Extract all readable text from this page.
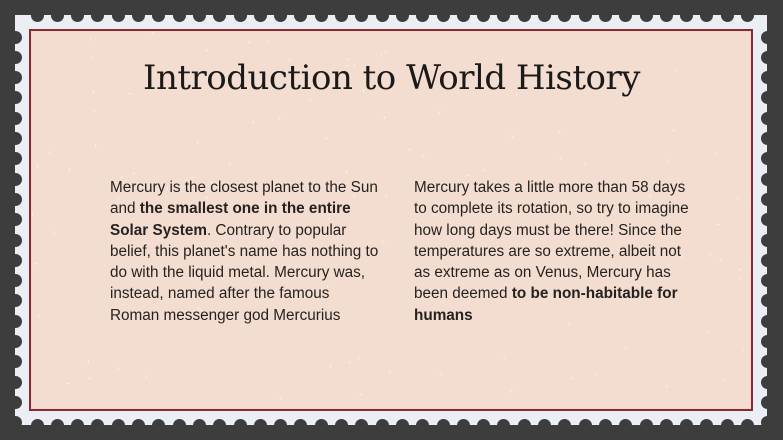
Introduction to World History
Mercury is the closest planet to the Sun and the smallest one in the entire Solar System. Contrary to popular belief, this planet's name has nothing to do with the liquid metal. Mercury was, instead, named after the famous Roman messenger god Mercurius
Mercury takes a little more than 58 days to complete its rotation, so try to imagine how long days must be there! Since the temperatures are so extreme, albeit not as extreme as on Venus, Mercury has been deemed to be non-habitable for humans
